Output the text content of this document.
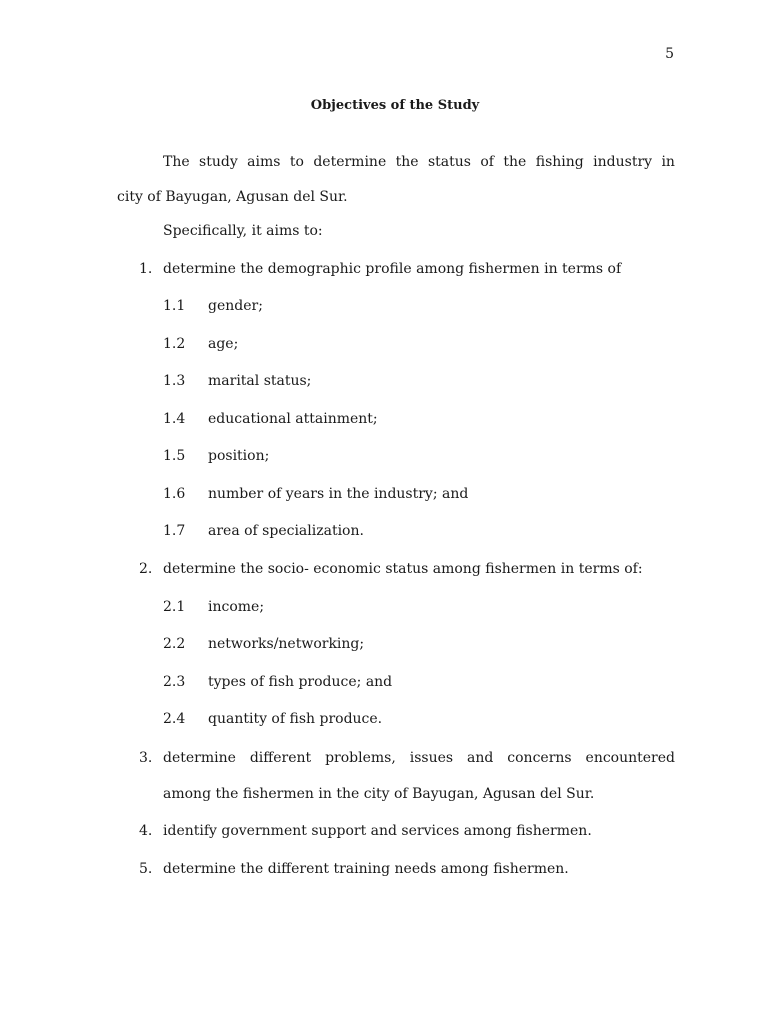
5
Objectives of the Study
The study aims to determine the status of the fishing industry in
city of Bayugan, Agusan del Sur.
Specifically, it aims to:
1. determine the demographic profile among fishermen in terms of
1.1 gender;
1.2 age;
1.3 marital status;
1.4 educational attainment;
1.5 position;
1.6 number of years in the industry; and
1.7 area of specialization.
2. determine the socio- economic status among fishermen in terms of:
2.1 income;
2.2 networks/networking;
2.3 types of fish produce; and
2.4 quantity of fish produce.
3. determine different problems, issues and concerns encountered
among the fishermen in the city of Bayugan, Agusan del Sur.
4. identify government support and services among fishermen.
5. determine the different training needs among fishermen.
